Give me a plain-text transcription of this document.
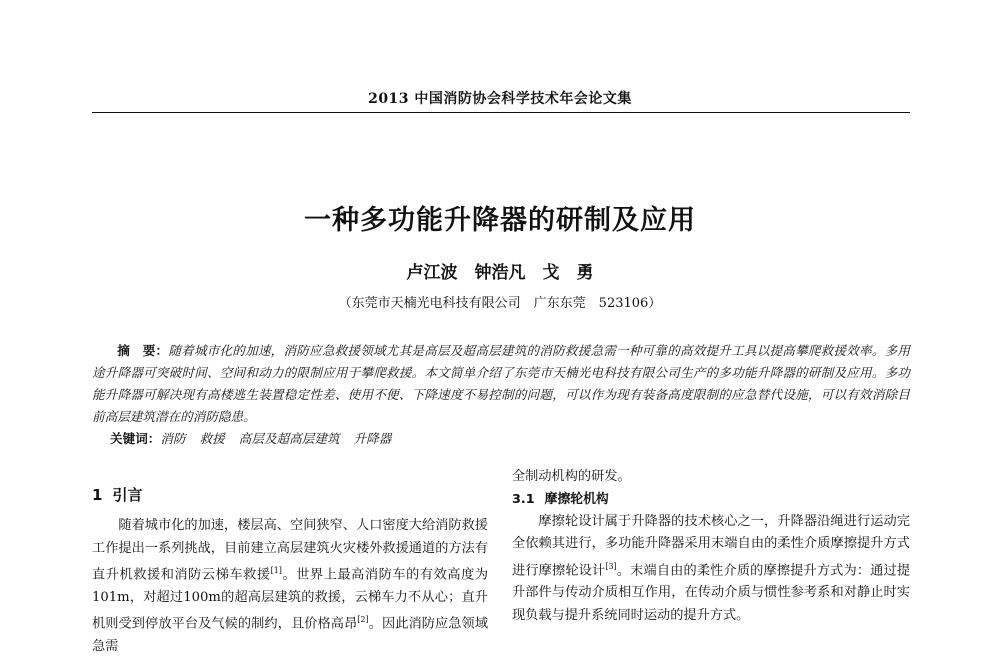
2013 中国消防协会科学技术年会论文集
一种多功能升降器的研制及应用
卢江波　钟浩凡　戈　勇
（东莞市天楠光电科技有限公司　广东东莞　523106）

摘　要：随着城市化的加速，消防应急救援领域尤其是高层及超高层建筑的消防救援急需一种可靠的高效提升工具以提高攀爬救援效率。多用途升降器可突破时间、空间和动力的限制应用于攀爬救援。本文简单介绍了东莞市天楠光电科技有限公司生产的多功能升降器的研制及应用。多功能升降器可解决现有高楼逃生装置稳定性差、使用不便、下降速度不易控制的问题，可以作为现有装备高度限制的应急替代设施，可以有效消除目前高层建筑潜在的消防隐患。

关键词：消防 救援 高层及超高层建筑 升降器

1 引言

随着城市化的加速，楼层高、空间狭窄、人口密度大给消防救援工作提出一系列挑战，目前建立高层建筑火灾楼外救援通道的方法有直升机救援和消防云梯车救援[1]。世界上最高消防车的有效高度为101m，对超过100m的超高层建筑的救援，云梯车力不从心；直升机则受到停放平台及气候的制约，且价格高昂[2]。因此消防应急领域急需

全制动机构的研发。

3.1 摩擦轮机构

摩擦轮设计属于升降器的技术核心之一，升降器沿绳进行运动完全依赖其进行，多功能升降器采用末端自由的柔性介质摩擦提升方式进行摩擦轮设计[3]。末端自由的柔性介质的摩擦提升方式为：通过提升部件与传动介质相互作用，在传动介质与惯性参考系和对静止时实现负载与提升系统同时运动的提升方式。
